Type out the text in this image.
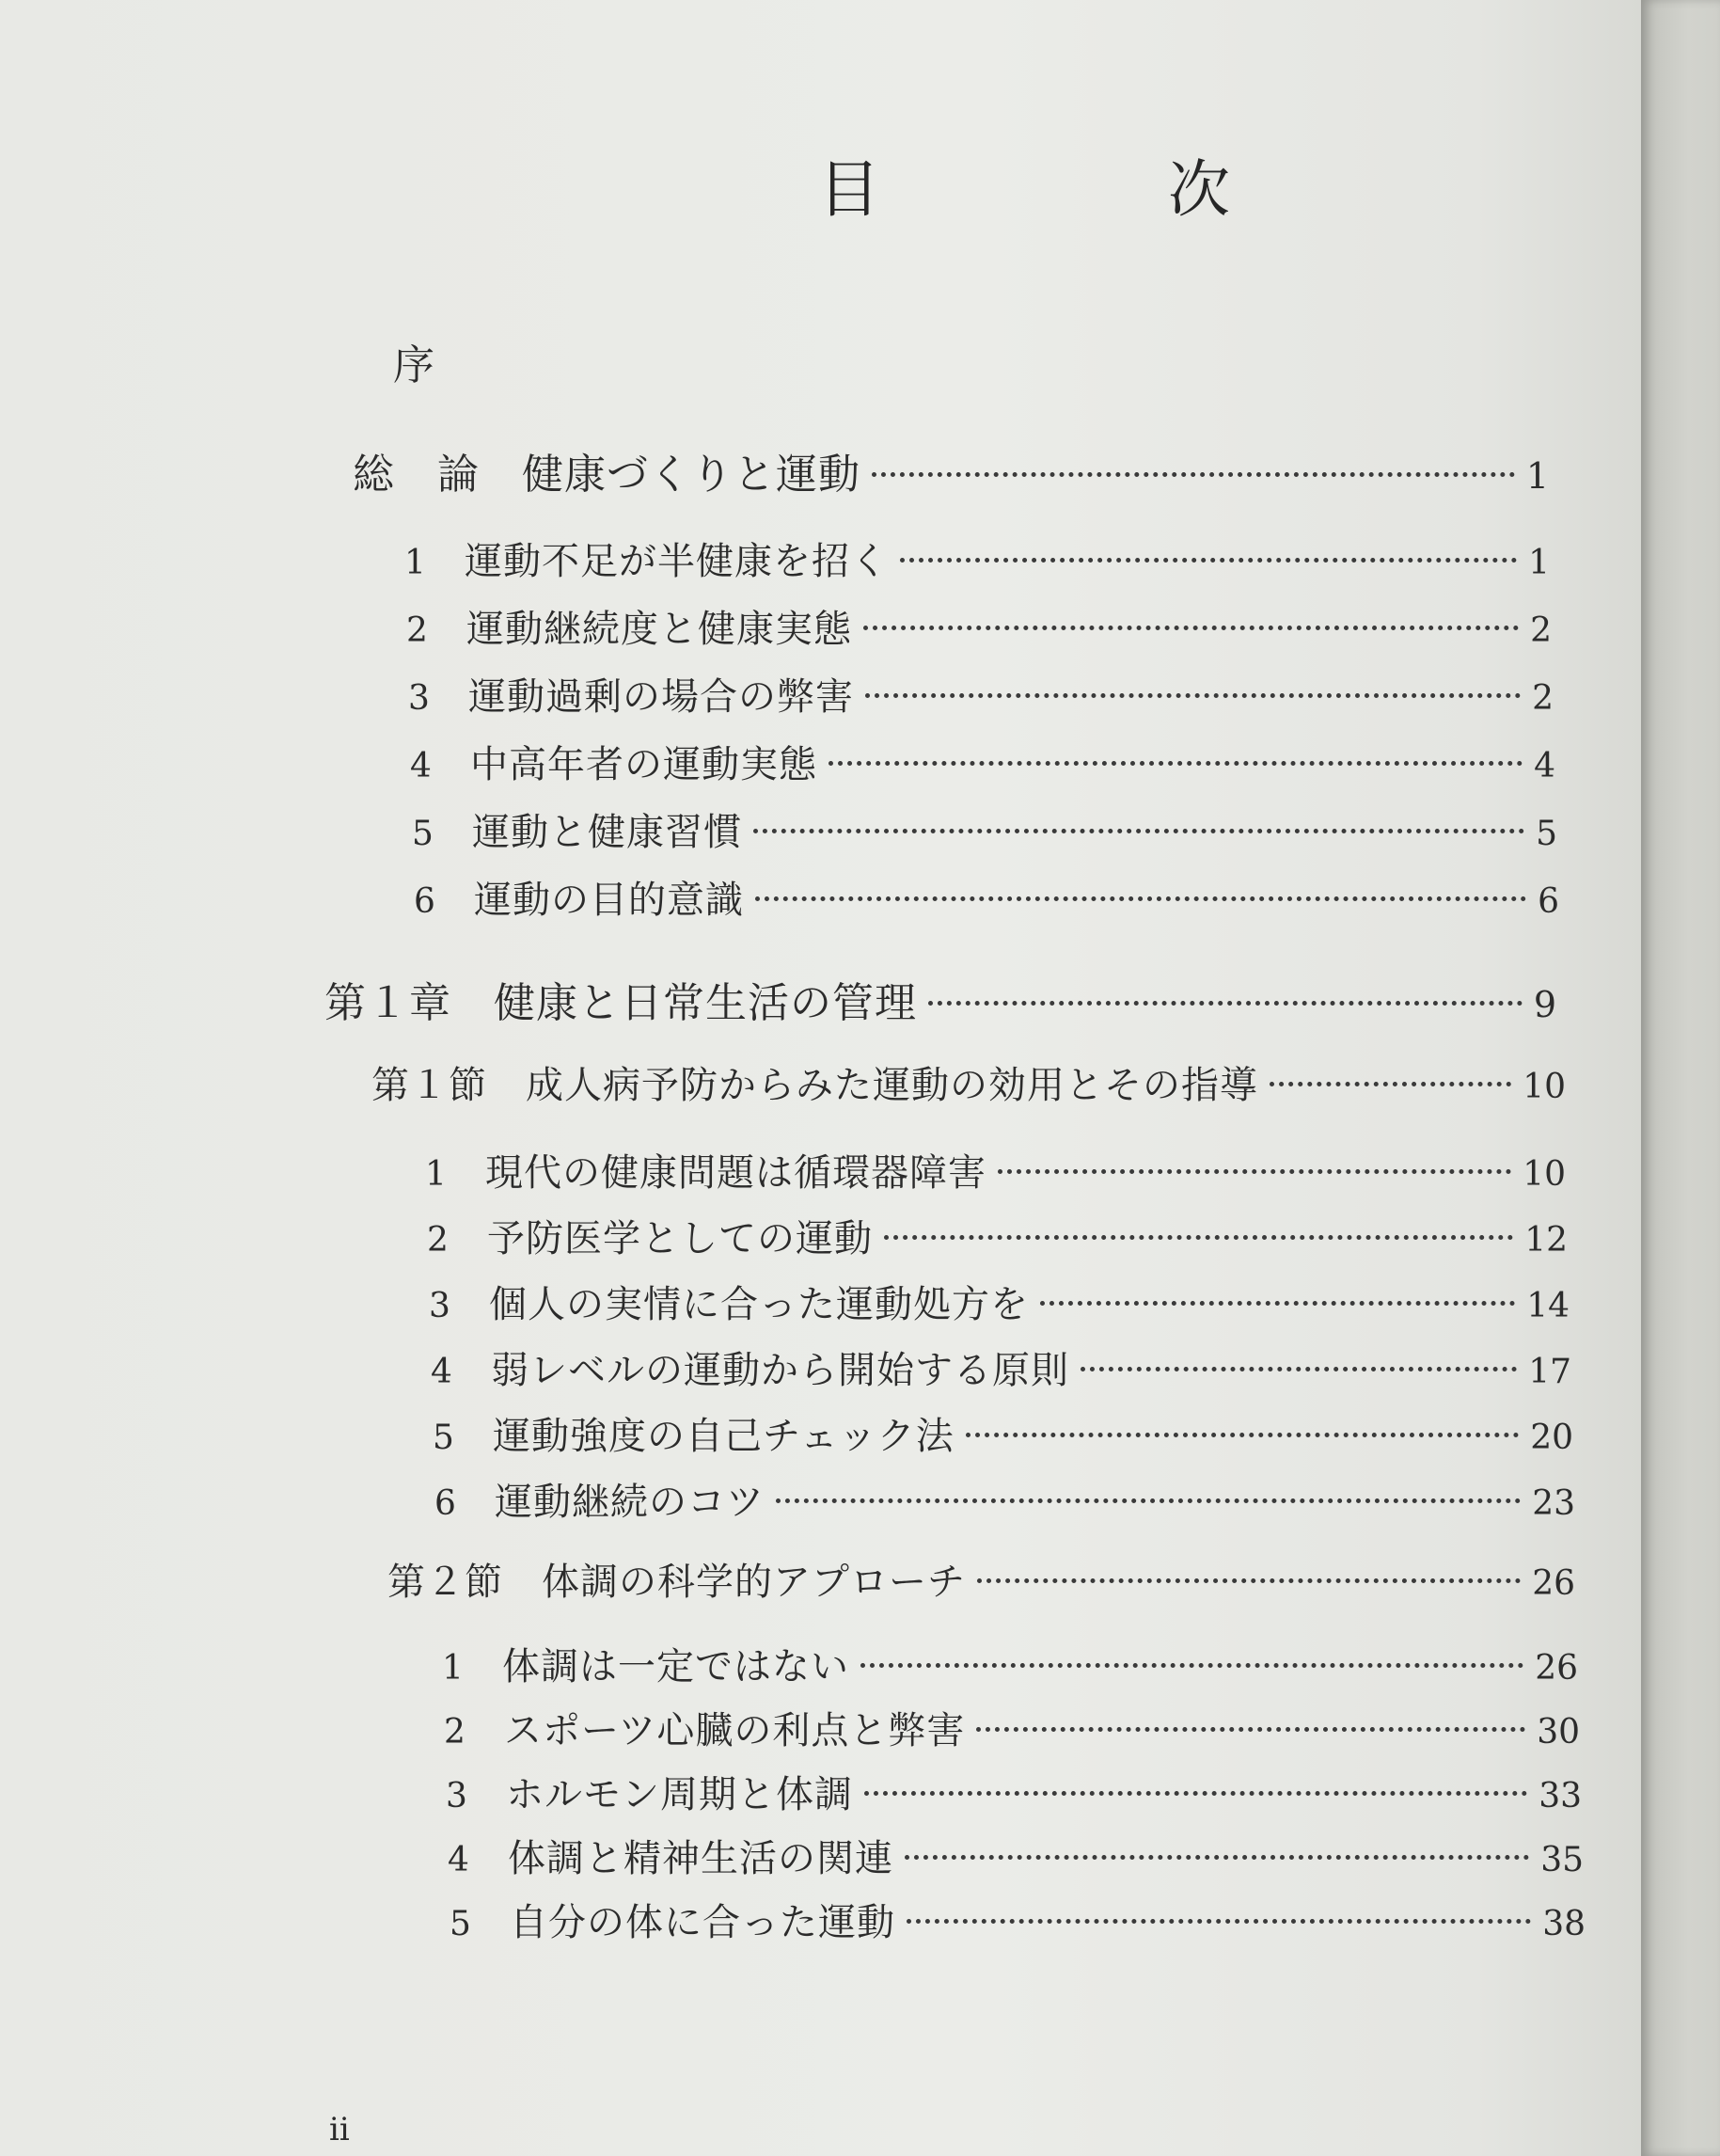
目　次
序
総　論　健康づくりと運動	1
1	運動不足が半健康を招く	1
2	運動継続度と健康実態	2
3	運動過剰の場合の弊害	2
4	中高年者の運動実態	4
5	運動と健康習慣	5
6	運動の目的意識	6
第１章　健康と日常生活の管理	9
第１節　成人病予防からみた運動の効用とその指導	10
1	現代の健康問題は循環器障害	10
2	予防医学としての運動	12
3	個人の実情に合った運動処方を	14
4	弱レベルの運動から開始する原則	17
5	運動強度の自己チェック法	20
6	運動継続のコツ	23
第２節　体調の科学的アプローチ	26
1	体調は一定ではない	26
2	スポーツ心臓の利点と弊害	30
3	ホルモン周期と体調	33
4	体調と精神生活の関連	35
5	自分の体に合った運動	38
ii
